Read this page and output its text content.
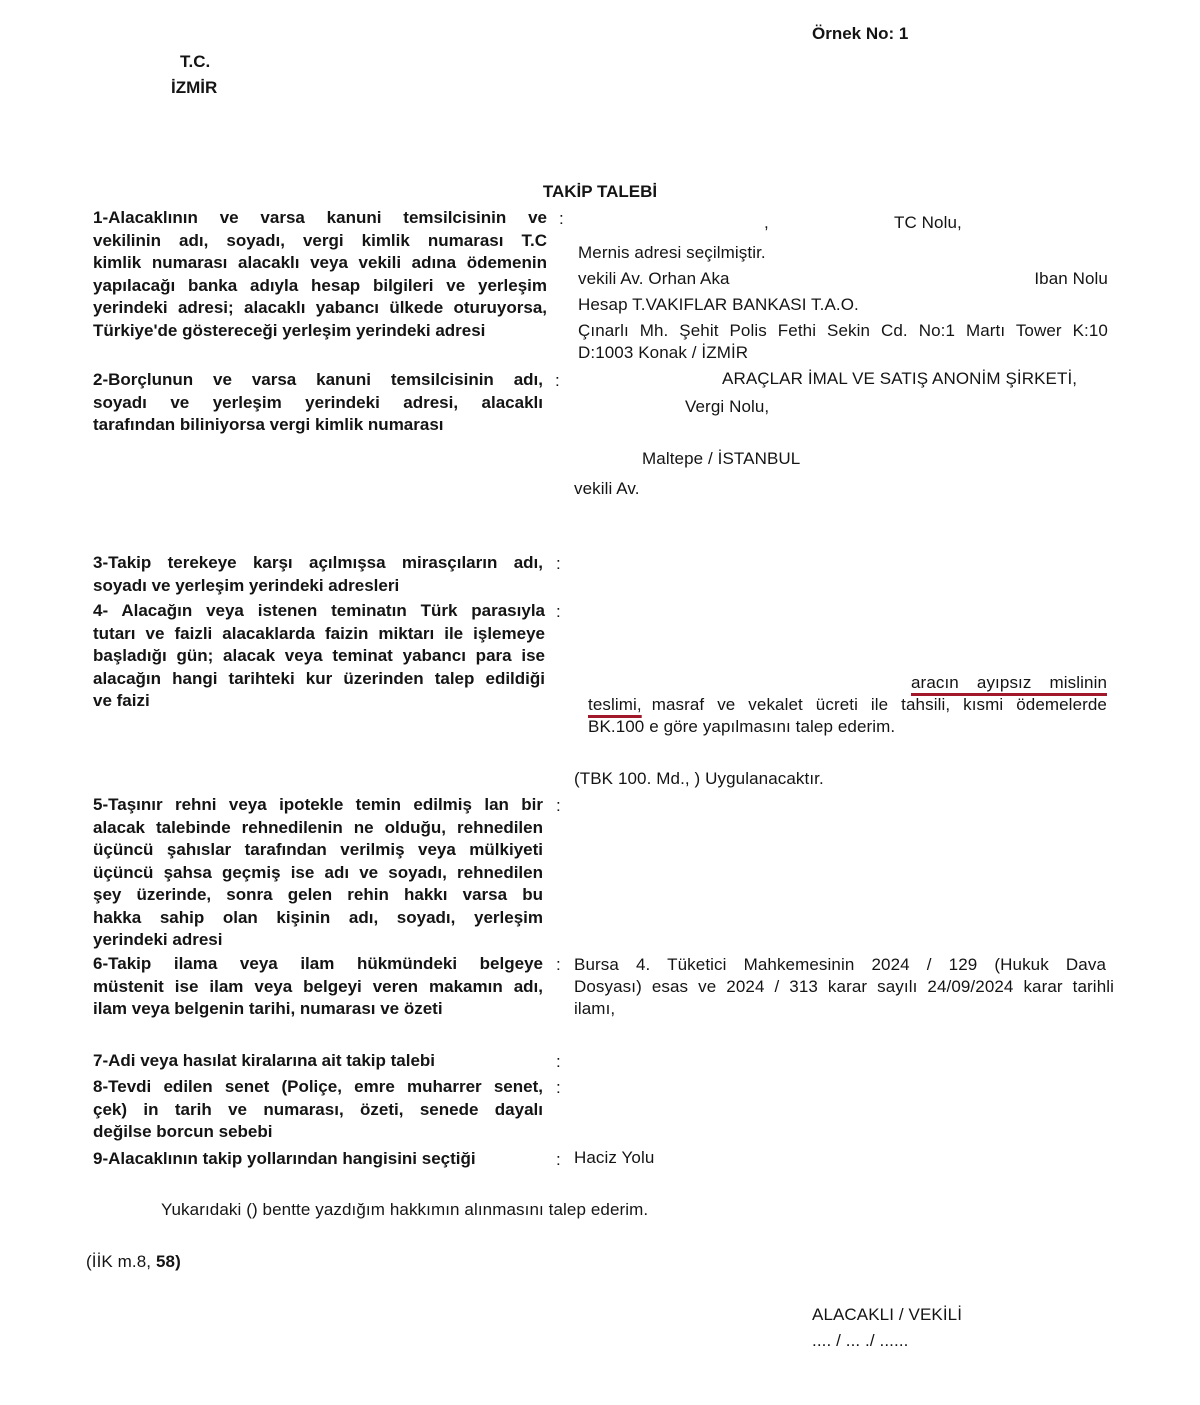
Örnek No: 1
T.C.
İZMİR
TAKİP TALEBİ
1-Alacaklının ve varsa kanuni temsilcisinin ve
vekilinin adı, soyadı, vergi kimlik numarası T.C
kimlik numarası alacaklı veya vekili adına ödemenin
yapılacağı banka adıyla hesap bilgileri ve yerleşim
yerindeki adresi; alacaklı yabancı ülkede oturuyorsa,
Türkiye'de göstereceği yerleşim yerindeki adresi
:	,	TC Nolu,
Mernis adresi seçilmiştir.
vekili Av. Orhan Aka	Iban Nolu
Hesap T.VAKIFLAR BANKASI T.A.O.
Çınarlı Mh. Şehit Polis Fethi Sekin Cd. No:1 Martı Tower K:10
D:1003 Konak / İZMİR
2-Borçlunun ve varsa kanuni temsilcisinin adı,
soyadı ve yerleşim yerindeki adresi, alacaklı
tarafından biliniyorsa vergi kimlik numarası
:	ARAÇLAR İMAL VE SATIŞ ANONİM ŞİRKETİ,
Vergi Nolu,
Maltepe / İSTANBUL
vekili Av.
3-Takip terekeye karşı açılmışsa mirasçıların adı,
soyadı ve yerleşim yerindeki adresleri
:
4- Alacağın veya istenen teminatın Türk parasıyla
tutarı ve faizli alacaklarda faizin miktarı ile işlemeye
başladığı gün; alacak veya teminat yabancı para ise
alacağın hangi tarihteki kur üzerinden talep edildiği
ve faizi
:
aracın ayıpsız mislinin
teslimi, masraf ve vekalet ücreti ile tahsili, kısmi ödemelerde
BK.100 e göre yapılmasını talep ederim.
(TBK 100. Md., ) Uygulanacaktır.
5-Taşınır rehni veya ipotekle temin edilmiş lan bir
alacak talebinde rehnedilenin ne olduğu, rehnedilen
üçüncü şahıslar tarafından verilmiş veya mülkiyeti
üçüncü şahsa geçmiş ise adı ve soyadı, rehnedilen
şey üzerinde, sonra gelen rehin hakkı varsa bu
hakka sahip olan kişinin adı, soyadı, yerleşim
yerindeki adresi
:
6-Takip ilama veya ilam hükmündeki belgeye
müstenit ise ilam veya belgeyi veren makamın adı,
ilam veya belgenin tarihi, numarası ve özeti
: Bursa 4. Tüketici Mahkemesinin 2024 / 129 (Hukuk Dava
Dosyası) esas ve 2024 / 313 karar sayılı 24/09/2024 karar tarihli
ilamı,
7-Adi veya hasılat kiralarına ait takip talebi	:
8-Tevdi edilen senet (Poliçe, emre muharrer senet,
çek) in tarih ve numarası, özeti, senede dayalı
değilse borcun sebebi
:
9-Alacaklının takip yollarından hangisini seçtiği	: Haciz Yolu
Yukarıdaki () bentte yazdığım hakkımın alınmasını talep ederim.
(İİK m.8, 58)
ALACAKLI / VEKİLİ
.... / ... ./ ......
